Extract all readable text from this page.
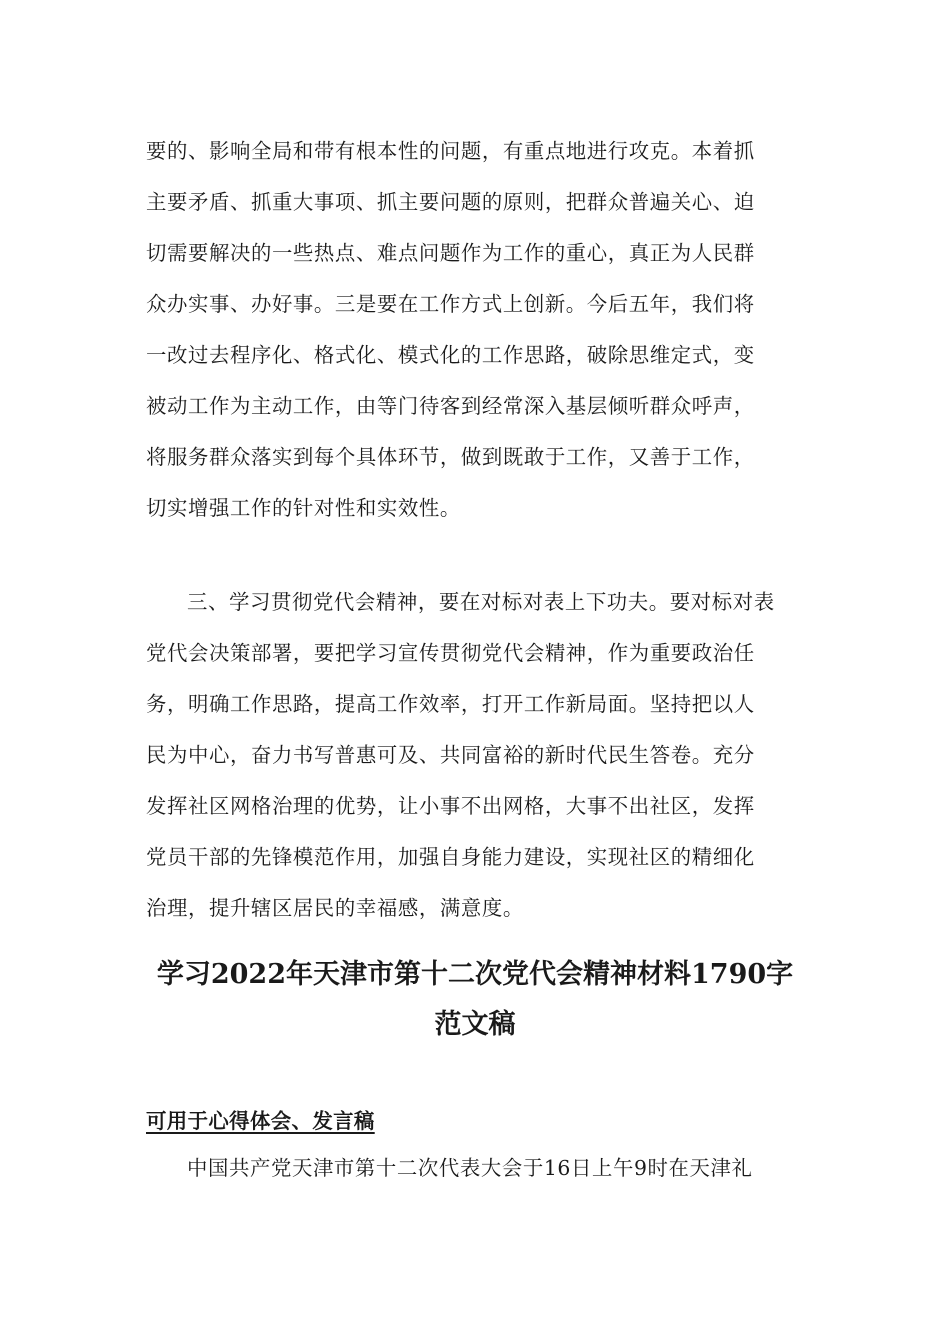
要的、影响全局和带有根本性的问题，有重点地进行攻克。本着抓
主要矛盾、抓重大事项、抓主要问题的原则，把群众普遍关心、迫
切需要解决的一些热点、难点问题作为工作的重心，真正为人民群
众办实事、办好事。三是要在工作方式上创新。今后五年，我们将
一改过去程序化、格式化、模式化的工作思路，破除思维定式，变
被动工作为主动工作，由等门待客到经常深入基层倾听群众呼声，
将服务群众落实到每个具体环节，做到既敢于工作，又善于工作，
切实增强工作的针对性和实效性。

三、学习贯彻党代会精神，要在对标对表上下功夫。要对标对表
党代会决策部署，要把学习宣传贯彻党代会精神，作为重要政治任
务，明确工作思路，提高工作效率，打开工作新局面。坚持把以人
民为中心，奋力书写普惠可及、共同富裕的新时代民生答卷。充分
发挥社区网格治理的优势，让小事不出网格，大事不出社区，发挥
党员干部的先锋模范作用，加强自身能力建设，实现社区的精细化
治理，提升辖区居民的幸福感，满意度。

学习2022年天津市第十二次党代会精神材料1790字
范文稿

可用于心得体会、发言稿

中国共产党天津市第十二次代表大会于16日上午9时在天津礼
